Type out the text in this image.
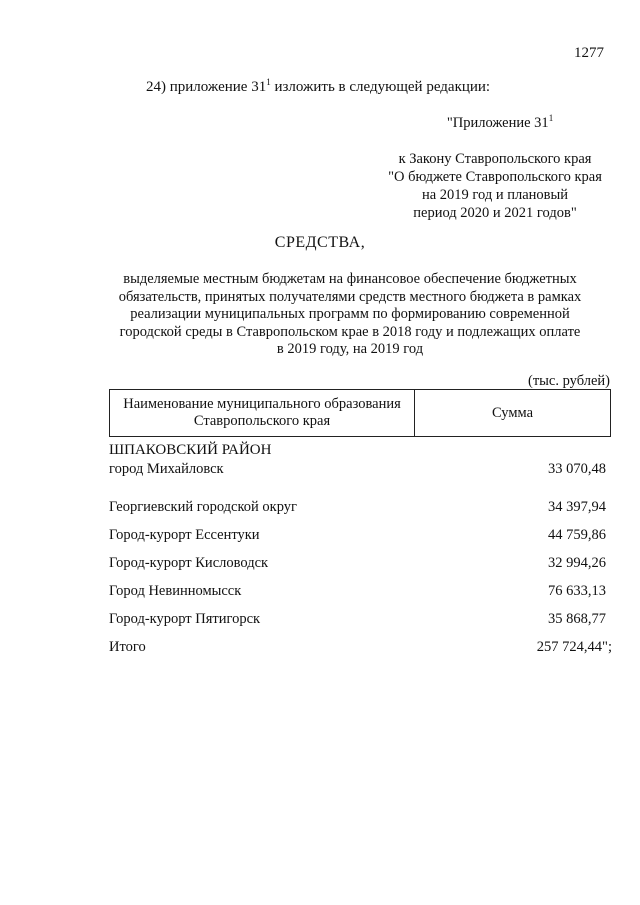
1277
24) приложение $31^1$ изложить в следующей редакции:
"Приложение $31^1$
к Закону Ставропольского края
"О бюджете Ставропольского края
на 2019 год и плановый
период 2020 и 2021 годов"
СРЕДСТВА,
выделяемые местным бюджетам на финансовое обеспечение бюджетных
обязательств, принятых получателями средств местного бюджета в рамках
реализации муниципальных программ по формированию современной
городской среды в Ставропольском крае в 2018 году и подлежащих оплате
в 2019 году, на 2019 год
(тыс. рублей)
Наименование муниципального образования
Ставропольского края	Сумма
ШПАКОВСКИЙ РАЙОН
город Михайловск	33 070,48
Георгиевский городской округ	34 397,94
Город-курорт Ессентуки	44 759,86
Город-курорт Кисловодск	32 994,26
Город Невинномысск	76 633,13
Город-курорт Пятигорск	35 868,77
Итого	257 724,44";
